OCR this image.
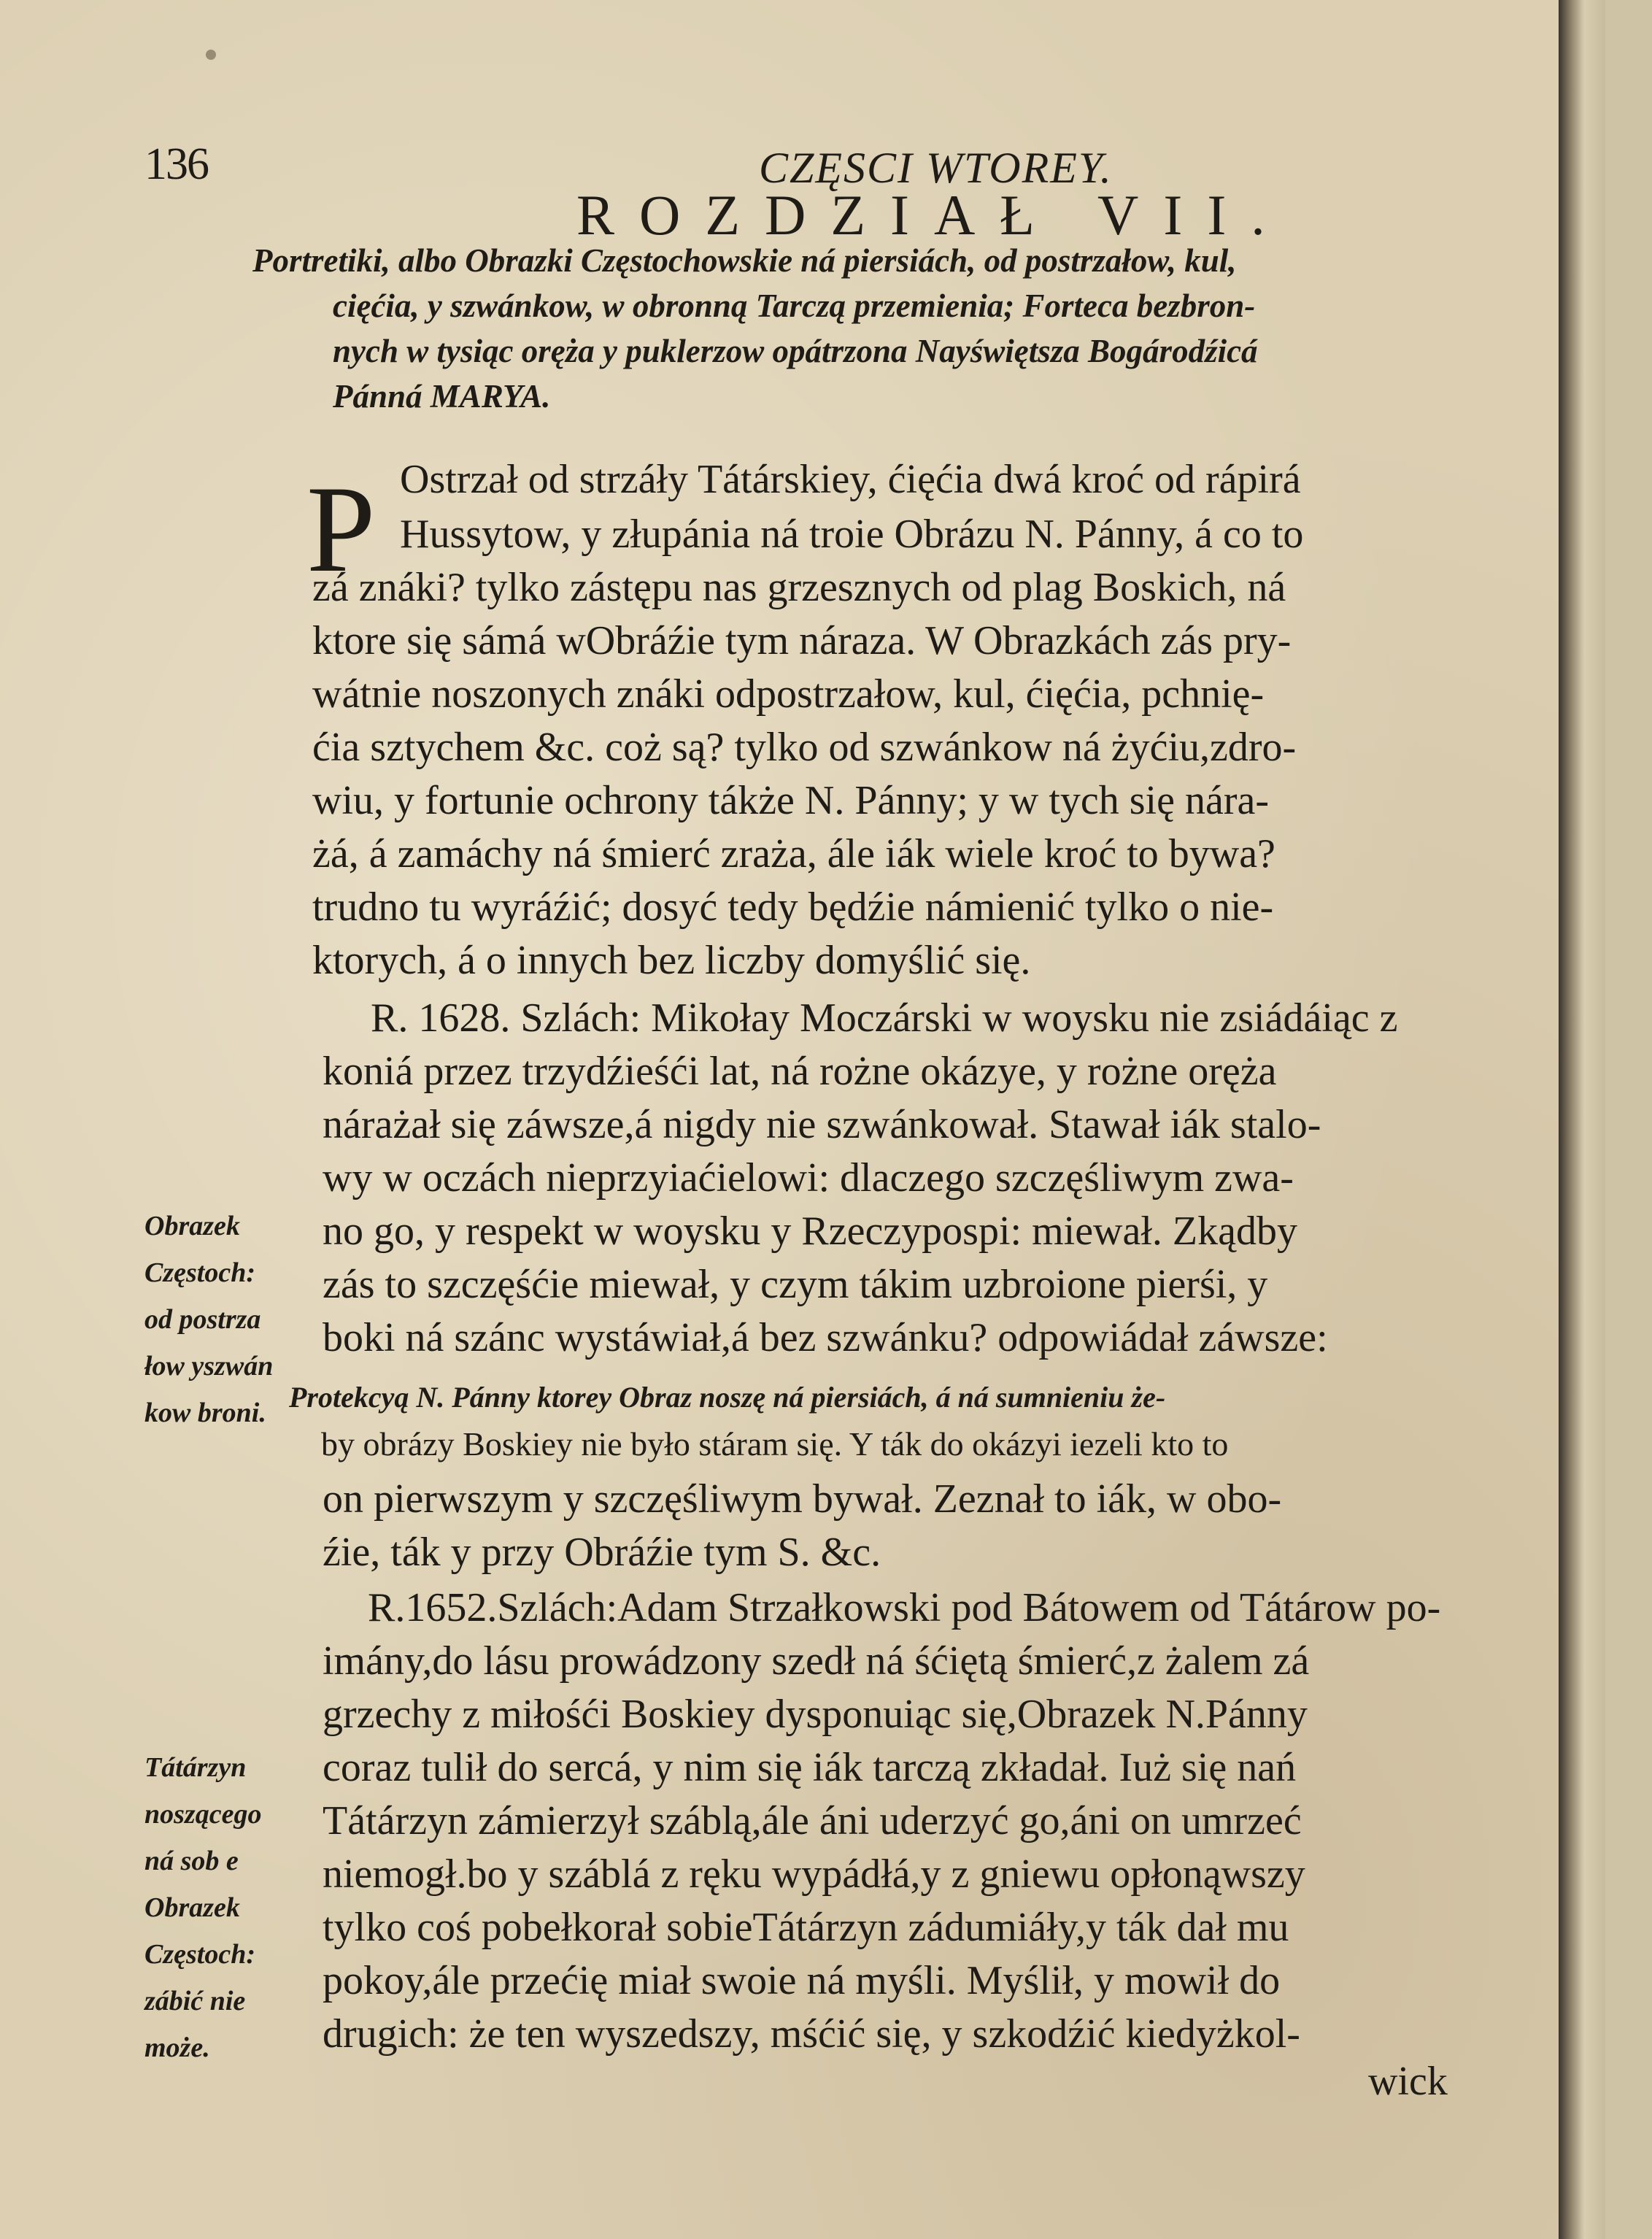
136	CZĘSCI WTOREY.
ROZDZIAŁ VII.
Portretiki, albo Obrazki Częstochowskie ná piersiách, od postrzałow, kul,
cięćia, y szwánkow, w obronną Tarczą przemienia; Forteca bezbron-
nych w tysiąc oręża y puklerzow opátrzona Nayświętsza Bogárodźicá
Pánná MARYA.
P Ostrzał od strzáły Tátárskiey, ćięćia dwá kroć od rápirá
Hussytow, y złupánia ná troie Obrázu N. Pánny, á co to
zá znáki? tylko zástępu nas grzesznych od plag Boskich, ná
ktore się sámá wObráźie tym náraza. W Obrazkách zás pry-
wátnie noszonych znáki odpostrzałow, kul, ćięćia, pchnię-
ćia sztychem &c. coż są? tylko od szwánkow ná żyćiu,zdro-
wiu, y fortunie ochrony tákże N. Pánny; y w tych się nára-
żá, á zamáchy ná śmierć zraża, ále iák wiele kroć to bywa?
trudno tu wyráźić; dosyć tedy będźie námienić tylko o nie-
ktorych, á o innych bez liczby domyślić się.
R. 1628. Szlách: Mikołay Moczárski w woysku nie zsiádáiąc z
koniá przez trzydźieśći lat, ná rożne okázye, y rożne oręża
nárażał się záwsze,á nigdy nie szwánkował. Stawał iák stalo-
wy w oczách nieprzyiaćielowi: dlaczego szczęśliwym zwa-
no go, y respekt w woysku y Rzeczypospi: miewał. Zkądby
zás to szczęśćie miewał, y czym tákim uzbroione pierśi, y
boki ná szánc wystáwiał,á bez szwánku? odpowiádał záwsze:
Protekcyą N. Pánny ktorey Obraz noszę ná piersiách, á ná sumnieniu że-
by obrázy Boskiey nie było stáram się. Y ták do okázyi iezeli kto to
on pierwszym y szczęśliwym bywał. Zeznał to iák, w obo-
źie, ták y przy Obráźie tym S. &c.
R.1652.Szlách:Adam Strzałkowski pod Bátowem od Tátárow po-
imány,do lásu prowádzony szedł ná śćiętą śmierć,z żalem zá
grzechy z miłośći Boskiey dysponuiąc się,Obrazek N.Pánny
coraz tulił do sercá, y nim się iák tarczą zkładał. Iuż się nań
Tátárzyn zámierzył száblą,ále áni uderzyć go,áni on umrzeć
niemogł.bo y száblá z ręku wypádłá,y z gniewu opłonąwszy
tylko coś pobełkorał sobieTátárzyn zádumiáły,y ták dał mu
pokoy,ále przećię miał swoie ná myśli. Myślił, y mowił do
drugich: że ten wyszedszy, mśćić się, y szkodźić kiedyżkol-
Obrazek
Częstoch:
od postrza
łow yszwán
kow broni.
Tátárzyn
noszącego
ná sob e
Obrazek
Częstoch:
zábić nie
może.
wick
